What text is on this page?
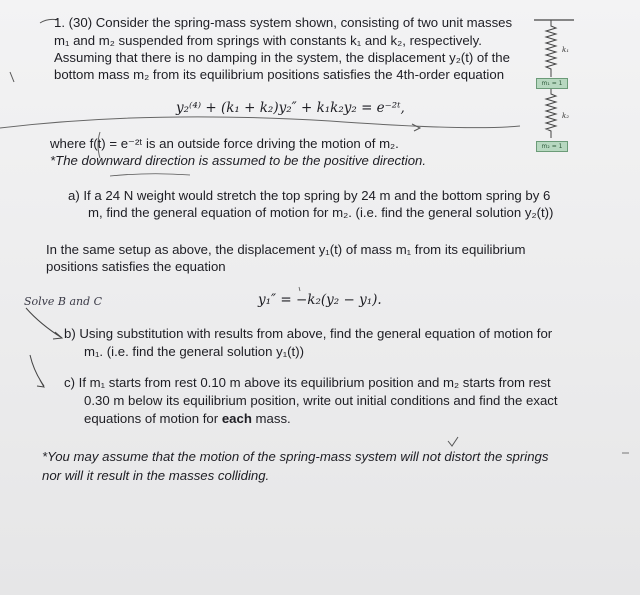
k₁
k₂
m₁ = 1
m₂ = 1
1. (30) Consider the spring-mass system shown, consisting of two unit masses
m₁ and m₂ suspended from springs with constants k₁ and k₂, respectively.
Assuming that there is no damping in the system, the displacement y₂(t) of the
bottom mass m₂ from its equilibrium positions satisfies the 4th-order equation
y₂⁽⁴⁾ + (k₁ + k₂)y₂″ + k₁k₂y₂ = e⁻²ᵗ,
where f(t) = e⁻²ᵗ is an outside force driving the motion of m₂.
*The downward direction is assumed to be the positive direction.
a) If a 24 N weight would stretch the top spring by 24 m and the bottom spring by 6
m, find the general equation of motion for m₂. (i.e. find the general solution y₂(t))
In the same setup as above, the displacement y₁(t) of mass m₁ from its equilibrium
positions satisfies the equation
Solve B and C	y₁″ = −k₂(y₂ − y₁).
b) Using substitution with results from above, find the general equation of motion for
m₁. (i.e. find the general solution y₁(t))
c) If m₁ starts from rest 0.10 m above its equilibrium position and m₂ starts from rest
0.30 m below its equilibrium position, write out initial conditions and find the exact
equations of motion for each mass.
*You may assume that the motion of the spring-mass system will not distort the springs
nor will it result in the masses colliding.
